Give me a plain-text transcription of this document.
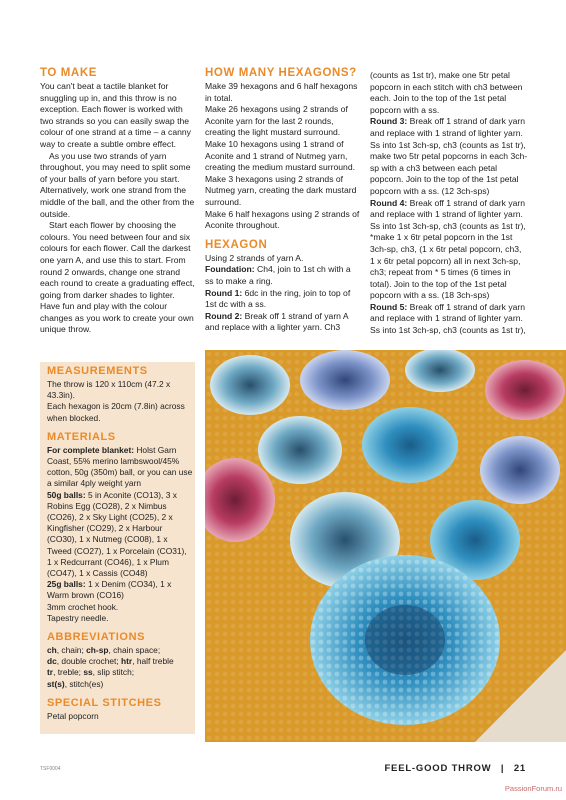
TO MAKE

You can't beat a tactile blanket for snuggling up in, and this throw is no exception. Each flower is worked with two strands so you can easily swap the colour of one strand at a time – a canny way to create a subtle ombre effect.

As you use two strands of yarn throughout, you may need to split some of your balls of yarn before you start. Alternatively, work one strand from the middle of the ball, and the other from the outside.

Start each flower by choosing the colours. You need between four and six colours for each flower. Call the darkest one yarn A, and use this to start. From round 2 onwards, change one strand each round to create a graduating effect, going from darker shades to lighter. Have fun and play with the colour changes as you work to create your own unique throw.

HOW MANY HEXAGONS?

Make 39 hexagons and 6 half hexagons in total.

Make 26 hexagons using 2 strands of Aconite yarn for the last 2 rounds, creating the light mustard surround.

Make 10 hexagons using 1 strand of Aconite and 1 strand of Nutmeg yarn, creating the medium mustard surround.

Make 3 hexagons using 2 strands of Nutmeg yarn, creating the dark mustard surround.

Make 6 half hexagons using 2 strands of Aconite throughout.

HEXAGON

Using 2 strands of yarn A.

Foundation: Ch4, join to 1st ch with a ss to make a ring.

Round 1: 6dc in the ring, join to top of 1st dc with a ss.

Round 2: Break off 1 strand of yarn A and replace with a lighter yarn. Ch3

(counts as 1st tr), make one 5tr petal popcorn in each stitch with ch3 between each. Join to the top of the 1st petal popcorn with a ss.

Round 3: Break off 1 strand of dark yarn and replace with 1 strand of lighter yarn. Ss into 1st 3ch-sp, ch3 (counts as 1st tr), make two 5tr petal popcorns in each 3ch-sp with a ch3 between each petal popcorn. Join to the top of the 1st petal popcorn with a ss. (12 3ch-sps)

Round 4: Break off 1 strand of dark yarn and replace with 1 strand of lighter yarn. Ss into 1st 3ch-sp, ch3 (counts as 1st tr), *make 1 x 6tr petal popcorn in the 1st 3ch-sp, ch3, (1 x 6tr petal popcorn, ch3, 1 x 6tr petal popcorn) all in next 3ch-sp, ch3; repeat from * 5 times (6 times in total). Join to the top of the 1st petal popcorn with a ss. (18 3ch-sps)

Round 5: Break off 1 strand of dark yarn and replace with 1 strand of lighter yarn. Ss into 1st 3ch-sp, ch3 (counts as 1st tr),

MEASUREMENTS

The throw is 120 x 110cm (47.2 x 43.3in).

Each hexagon is 20cm (7.8in) across when blocked.

MATERIALS

For complete blanket: Holst Garn Coast, 55% merino lambswool/45% cotton, 50g (350m) ball, or you can use a similar 4ply weight yarn

50g balls: 5 in Aconite (CO13), 3 x Robins Egg (CO28), 2 x Nimbus (CO26), 2 x Sky Light (CO25), 2 x Kingfisher (CO29), 2 x Harbour (CO30), 1 x Nutmeg (CO08), 1 x Tweed (CO27), 1 x Porcelain (CO31), 1 x Redcurrant (CO46), 1 x Plum (CO47), 1 x Cassis (CO48)

25g balls: 1 x Denim (CO34), 1 x Warm brown (CO16)

3mm crochet hook.

Tapestry needle.

ABBREVIATIONS

ch, chain; ch-sp, chain space;

dc, double crochet; htr, half treble

tr, treble; ss, slip stitch;

st(s), stitch(es)

SPECIAL STITCHES

Petal popcorn

TSF0004	FEEL-GOOD THROW | 21
PassionForum.ru
